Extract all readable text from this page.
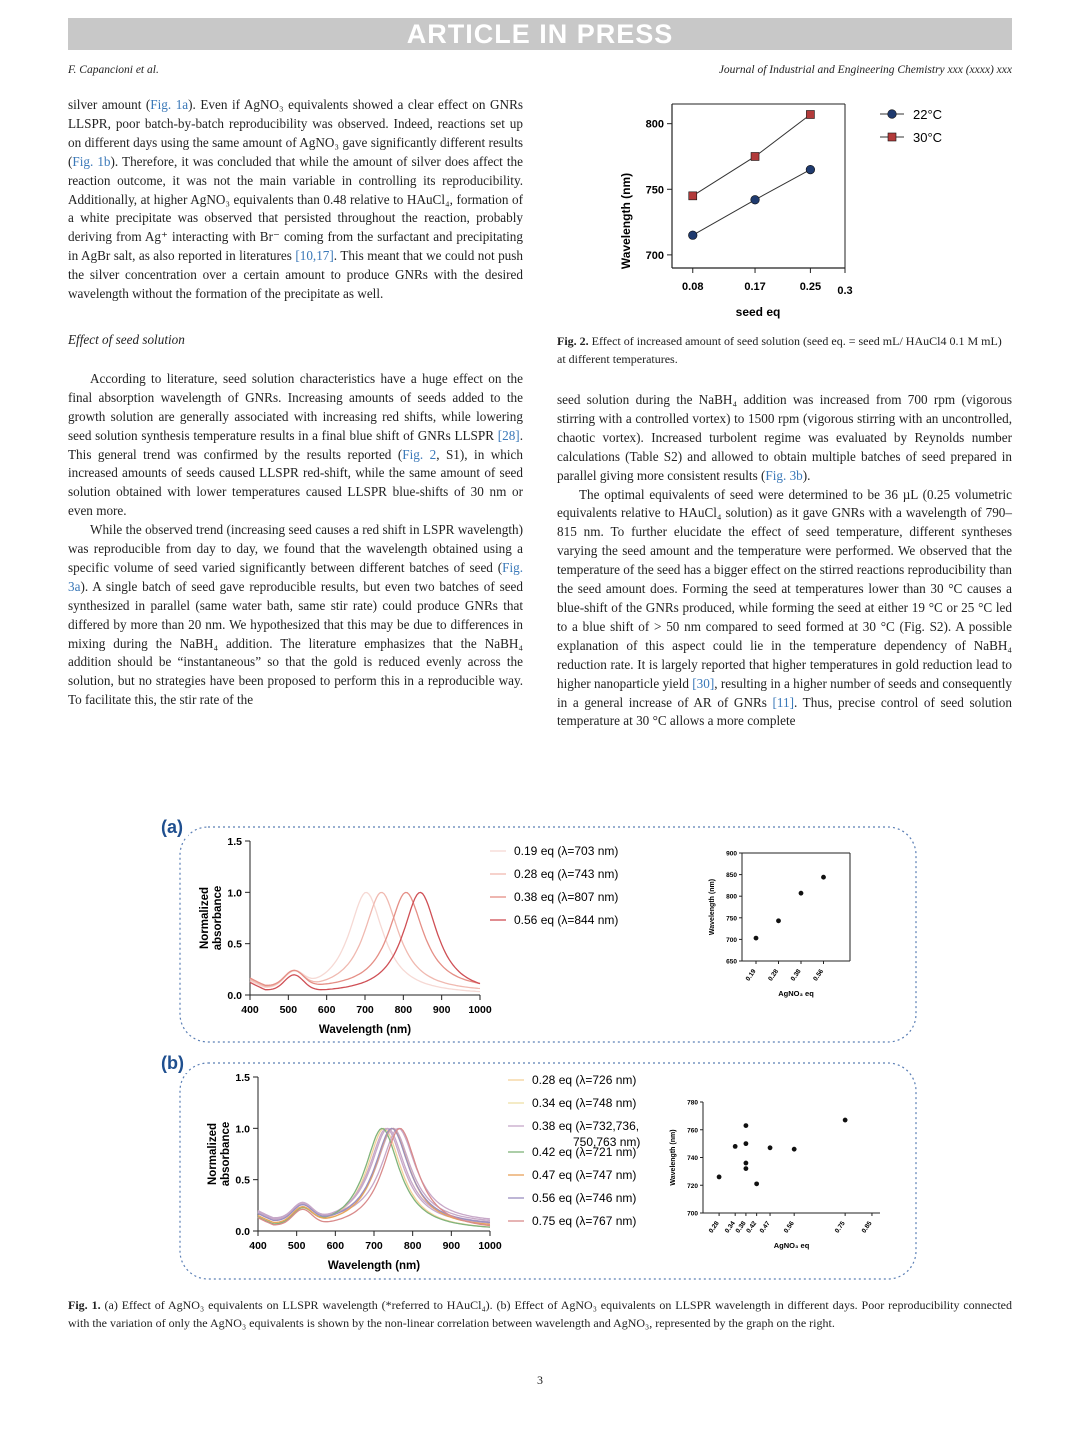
ARTICLE IN PRESS
F. Capancioni et al.	Journal of Industrial and Engineering Chemistry xxx (xxxx) xxx

silver amount (Fig. 1a). Even if AgNO₃ equivalents showed a clear effect on GNRs LLSPR, poor batch-by-batch reproducibility was observed. Indeed, reactions set up on different days using the same amount of AgNO₃ gave significantly different results (Fig. 1b). Therefore, it was concluded that while the amount of silver does affect the reaction outcome, it was not the main variable in controlling its reproducibility. Additionally, at higher AgNO₃ equivalents than 0.48 relative to HAuCl₄, formation of a white precipitate was observed that persisted throughout the reaction, probably deriving from Ag⁺ interacting with Br⁻ coming from the surfactant and precipitating in AgBr salt, as also reported in literatures [10,17]. This meant that we could not push the silver concentration over a certain amount to produce GNRs with the desired wavelength without the formation of the precipitate as well.

Effect of seed solution

According to literature, seed solution characteristics have a huge effect on the final absorption wavelength of GNRs. Increasing amounts of seeds added to the growth solution are generally associated with increasing red shifts, while lowering seed solution synthesis temperature results in a final blue shift of GNRs LLSPR [28]. This general trend was confirmed by the results reported (Fig. 2, S1), in which increased amounts of seeds caused LLSPR red-shift, while the same amount of seed solution obtained with lower temperatures caused LLSPR blue-shifts of 30 nm or even more.

While the observed trend (increasing seed causes a red shift in LSPR wavelength) was reproducible from day to day, we found that the wavelength obtained using a specific volume of seed varied significantly between different batches of seed (Fig. 3a). A single batch of seed gave reproducible results, but even two batches of seed synthesized in parallel (same water bath, same stir rate) could produce GNRs that differed by more than 20 nm. We hypothesized that this may be due to differences in mixing during the NaBH₄ addition. The literature emphasizes that the NaBH₄ addition should be “instantaneous” so that the gold is reduced evenly across the solution, but no strategies have been proposed to perform this in a reproducible way. To facilitate this, the stir rate of the

700
750
800
0.08	0.17	0.25 0.3
22°C
30°C
Wavelength (nm)
seed eq
Fig. 2. Effect of increased amount of seed solution (seed eq. = seed mL/ HAuCl4 0.1 M mL) at different temperatures.

seed solution during the NaBH₄ addition was increased from 700 rpm (vigorous stirring with a controlled vortex) to 1500 rpm (vigorous stirring with an uncontrolled, chaotic vortex). Increased turbolent regime was evaluated by Reynolds number calculations (Table S2) and allowed to obtain multiple batches of seed prepared in parallel giving more consistent results (Fig. 3b).

The optimal equivalents of seed were determined to be 36 µL (0.25 volumetric equivalents relative to HAuCl₄ solution) as it gave GNRs with a wavelength of 790–815 nm. To further elucidate the effect of seed temperature, different syntheses varying the seed amount and the temperature were performed. We observed that the temperature of the seed has a bigger effect on the stirred reactions reproducibility than the seed amount does. Forming the seed at temperatures lower than 30 °C causes a blue-shift of the GNRs produced, while forming the seed at either 19 °C or 25 °C led to a blue shift of > 50 nm compared to seed formed at 30 °C (Fig. S2). A possible explanation of this aspect could lie in the temperature dependency of NaBH₄ reduction rate. It is largely reported that higher temperatures in gold reduction lead to higher nanoparticle yield [30], resulting in a higher number of seeds and consequently in a general increase of AR of GNRs [11]. Thus, precise control of seed solution temperature at 30 °C allows a more complete

(a)
(b)
0.0
0.5
1.0
1.5
400 500 600 700 800 900 1000
Normalized absorbance
Wavelength (nm)
0.19 eq (λ=703 nm)
0.28 eq (λ=743 nm)
0.38 eq (λ=807 nm)
0.56 eq (λ=844 nm)
650
700
750
800
850
900
0.19 0.28 0.38 0.56
Wavelength (nm)
AgNO₃ eq
0.0
0.5
1.0
1.5
400 500 600 700 800 900 1000
Normalized absorbance
Wavelength (nm)
0.28 eq (λ=726 nm)
0.34 eq (λ=748 nm)
0.38 eq (λ=732,736,
750,763 nm)
0.42 eq (λ=721 nm)
0.47 eq (λ=747 nm)
0.56 eq (λ=746 nm)
0.75 eq (λ=767 nm)	700
720
740
760
780
0.28 0.34
0.38
0.42 0.47 0.56	0.75 0.85
Wavelength (nm)
AgNO₃ eq
Fig. 1. (a) Effect of AgNO₃ equivalents on LLSPR wavelength (*referred to HAuCl₄). (b) Effect of AgNO₃ equivalents on LLSPR wavelength in different days. Poor reproducibility connected with the variation of only the AgNO₃ equivalents is shown by the non-linear correlation between wavelength and AgNO₃, represented by the graph on the right.
3
